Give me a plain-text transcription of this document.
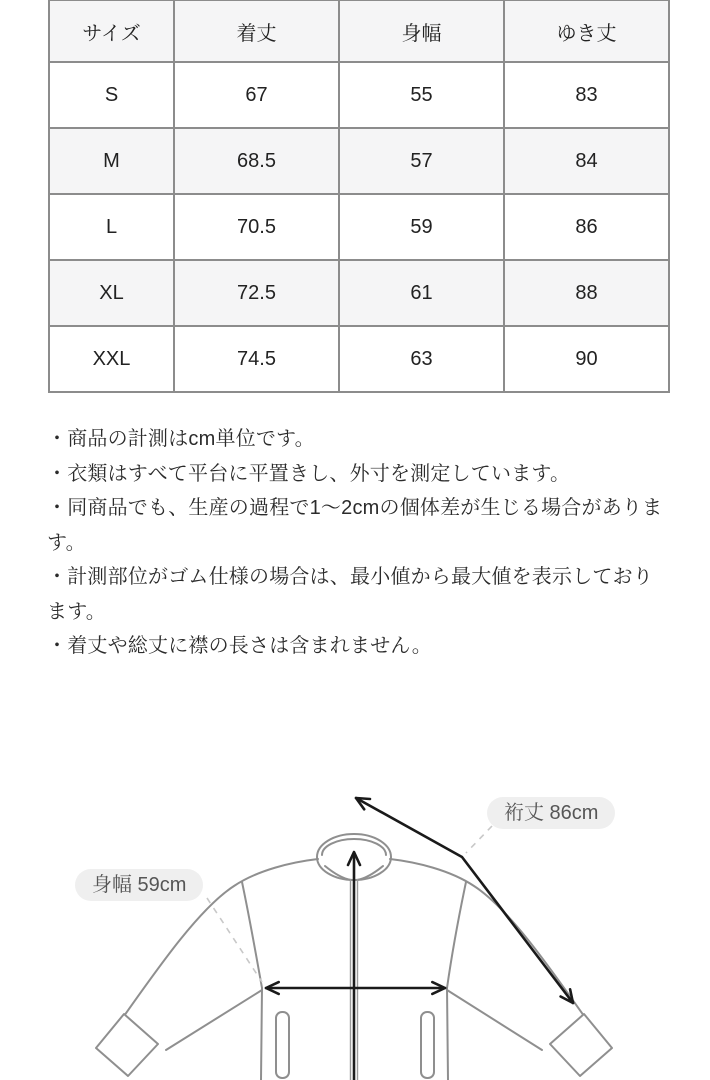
サイズ	着丈	身幅	ゆき丈
S	67	55	83
M	68.5	57	84
L	70.5	59	86
XL	72.5	61	88
XXL	74.5	63	90

・商品の計測はcm単位です。

・衣類はすべて平台に平置きし、外寸を測定しています。

・同商品でも、生産の過程で1〜2cmの個体差が生じる場合があります。

・計測部位がゴム仕様の場合は、最小値から最大値を表示しております。

・着丈や総丈に襟の長さは含まれません。

裄丈 86cm
身幅 59cm
